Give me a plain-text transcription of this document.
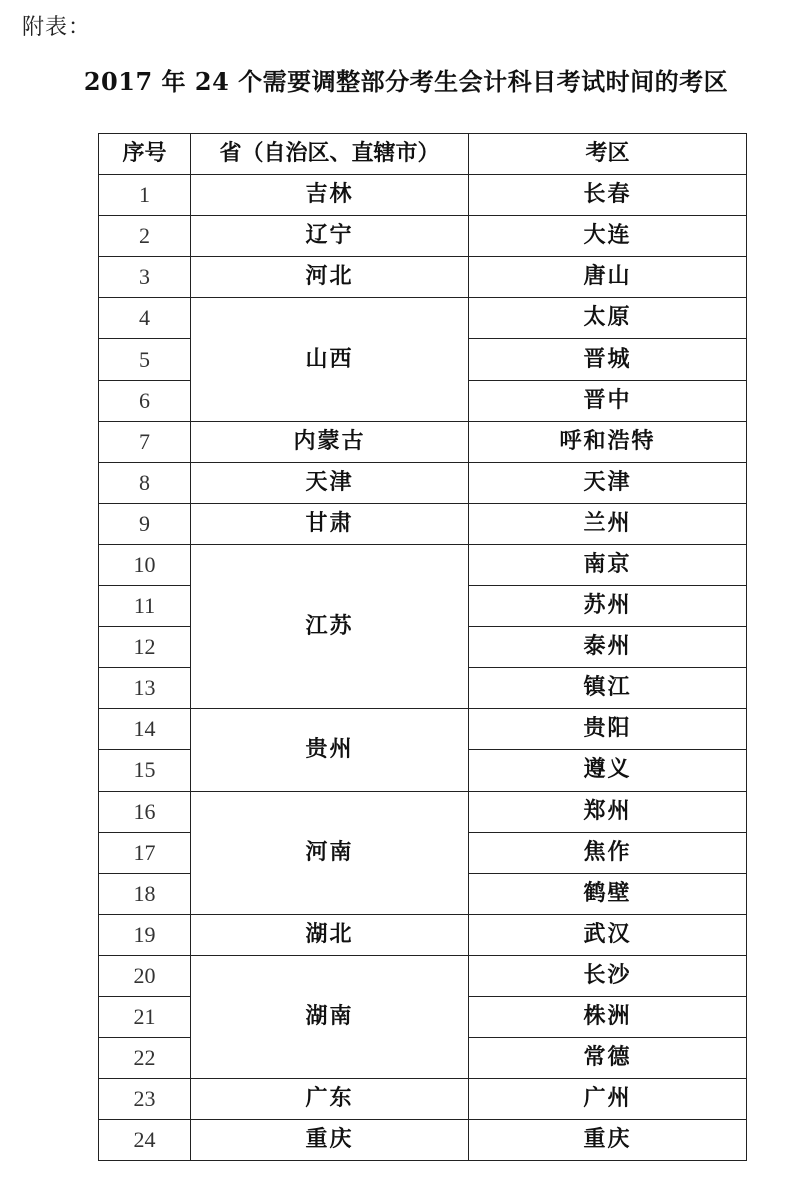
附表：
2017 年 24 个需要调整部分考生会计科目考试时间的考区
序号	省（自治区、直辖市）	考区
1	吉林	长春
2	辽宁	大连
3	河北	唐山
4	山西	太原
5		晋城
6		晋中
7	内蒙古	呼和浩特
8	天津	天津
9	甘肃	兰州
10	江苏	南京
11		苏州
12		泰州
13		镇江
14	贵州	贵阳
15		遵义
16	河南	郑州
17		焦作
18		鹤壁
19	湖北	武汉
20	湖南	长沙
21		株洲
22		常德
23	广东	广州
24	重庆	重庆
